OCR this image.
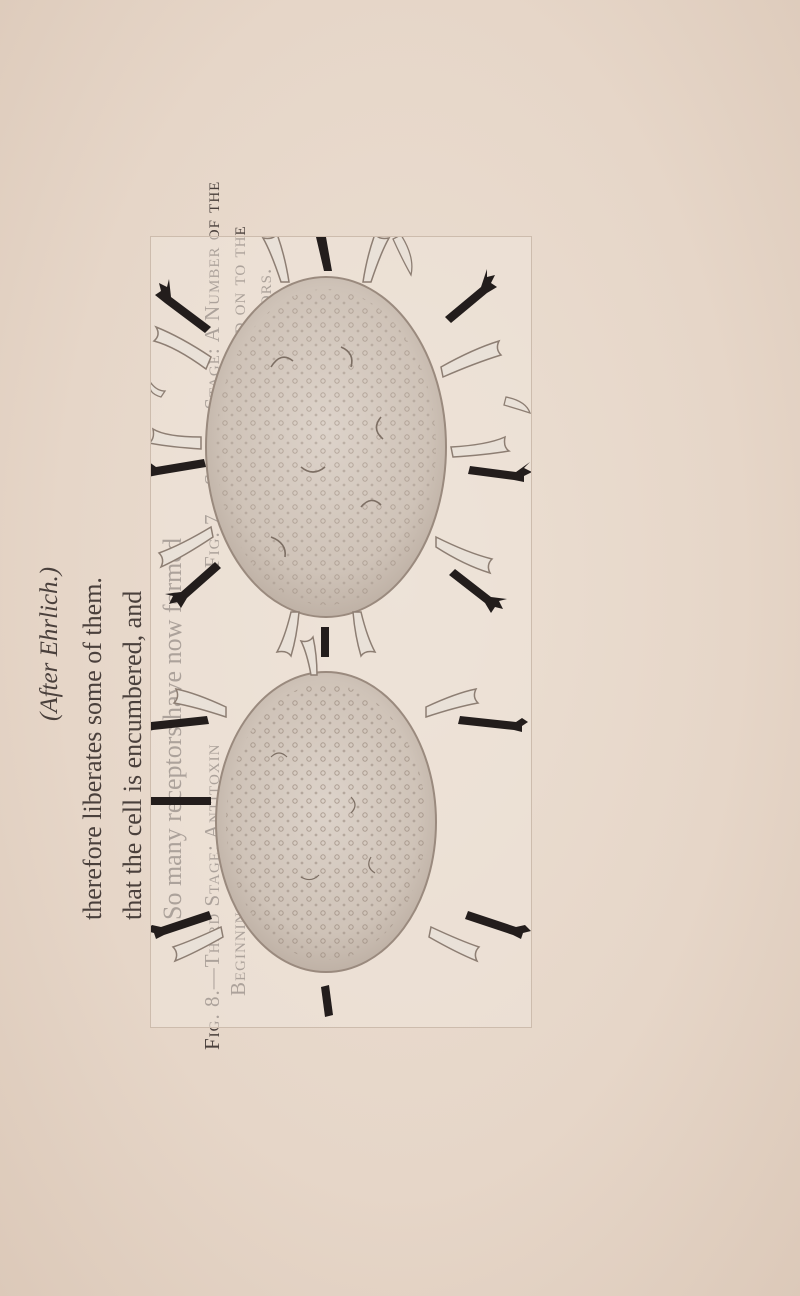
(After Ehrlich.) therefore liberates some of them. that the cell is encumbered, and
